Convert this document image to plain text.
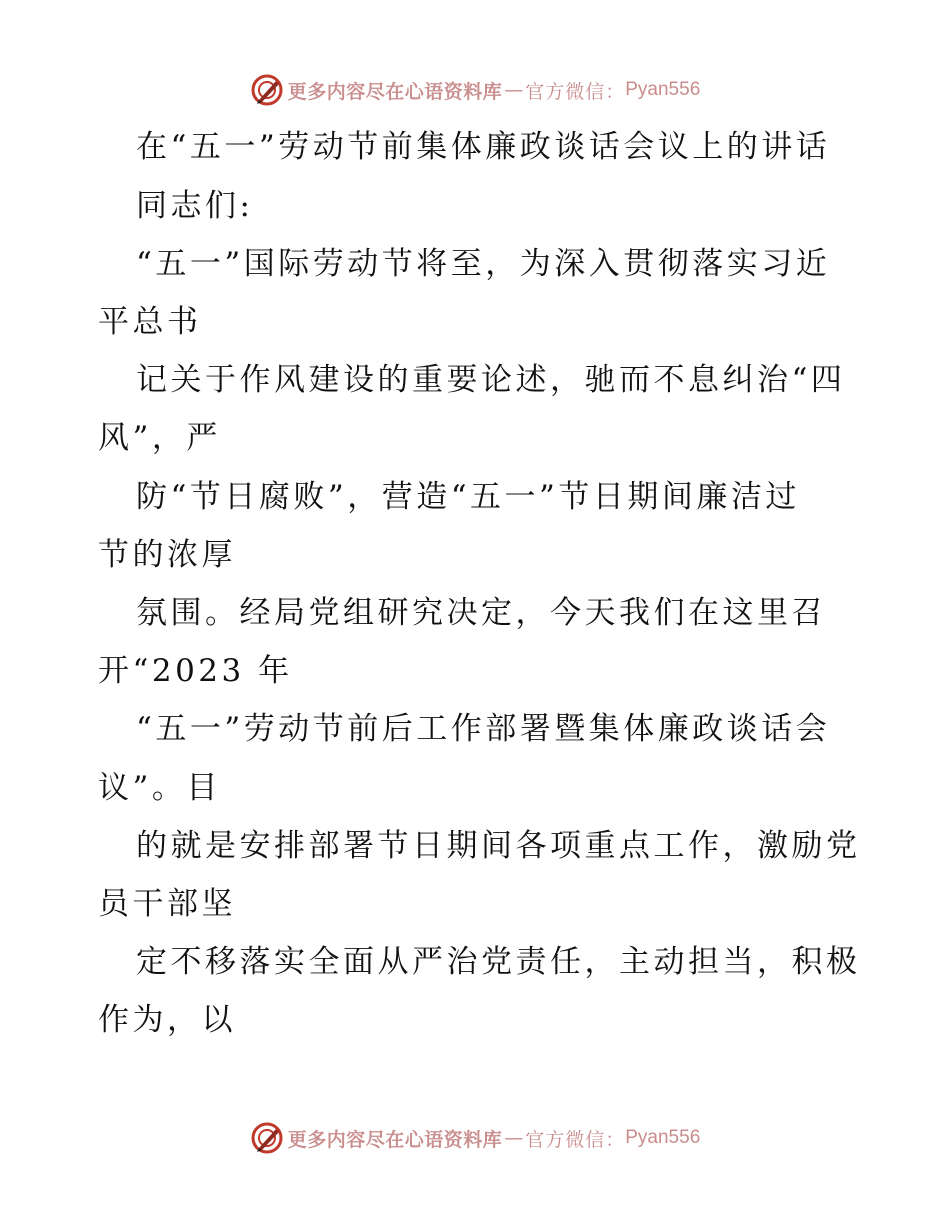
更多内容尽在心语资料库 — 官方微信： Pyan556
在“五一”劳动节前集体廉政谈话会议上的讲话
同志们:
“五一”国际劳动节将至，为深入贯彻落实习近
平总书
记关于作风建设的重要论述，驰而不息纠治“四
风”，严
防“节日腐败”，营造“五一”节日期间廉洁过
节的浓厚
氛围。经局党组研究决定，今天我们在这里召
开“2023 年
“五一”劳动节前后工作部署暨集体廉政谈话会
议”。目
的就是安排部署节日期间各项重点工作，激励党
员干部坚
定不移落实全面从严治党责任，主动担当，积极
作为，以
更多内容尽在心语资料库 — 官方微信： Pyan556
